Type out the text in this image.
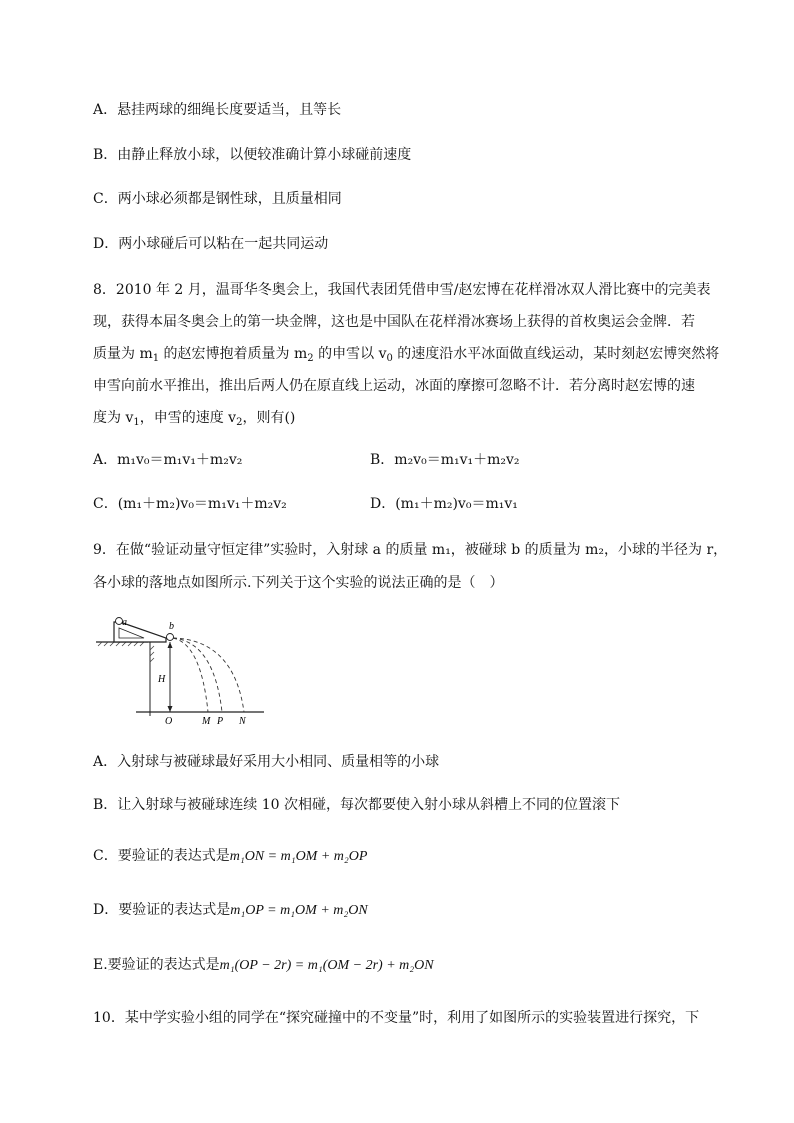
A．悬挂两球的细绳长度要适当，且等长
B．由静止释放小球，以便较准确计算小球碰前速度
C．两小球必须都是钢性球，且质量相同
D．两小球碰后可以粘在一起共同运动
8．2010 年 2 月，温哥华冬奥会上，我国代表团凭借申雪/赵宏博在花样滑冰双人滑比赛中的完美表
现，获得本届冬奥会上的第一块金牌，这也是中国队在花样滑冰赛场上获得的首枚奥运会金牌．若
质量为 $m_1$ 的赵宏博抱着质量为 $m_2$ 的申雪以 $v_0$ 的速度沿水平冰面做直线运动，某时刻赵宏博突然将
申雪向前水平推出，推出后两人仍在原直线上运动，冰面的摩擦可忽略不计．若分离时赵宏博的速
度为 $v_1$，申雪的速度 $v_2$，则有()
A．m₁v₀＝m₁v₁＋m₂v₂	B．m₂v₀＝m₁v₁＋m₂v₂
C．(m₁＋m₂)v₀＝m₁v₁＋m₂v₂	D．(m₁＋m₂)v₀＝m₁v₁
9．在做“验证动量守恒定律”实验时，入射球 a 的质量 m₁，被碰球 b 的质量为 m₂，小球的半径为 r，
各小球的落地点如图所示.下列关于这个实验的说法正确的是（　）
a	b
H
O	M P N
A．入射球与被碰球最好采用大小相同、质量相等的小球
B．让入射球与被碰球连续 10 次相碰，每次都要使入射小球从斜槽上不同的位置滚下
C．要验证的表达式是m₁ON = m₁OM + m₂OP
D．要验证的表达式是m₁OP = m₁OM + m₂ON
E.要验证的表达式是m₁(OP − 2r) = m₁(OM − 2r) + m₂ON
10．某中学实验小组的同学在“探究碰撞中的不变量”时，利用了如图所示的实验装置进行探究，下
